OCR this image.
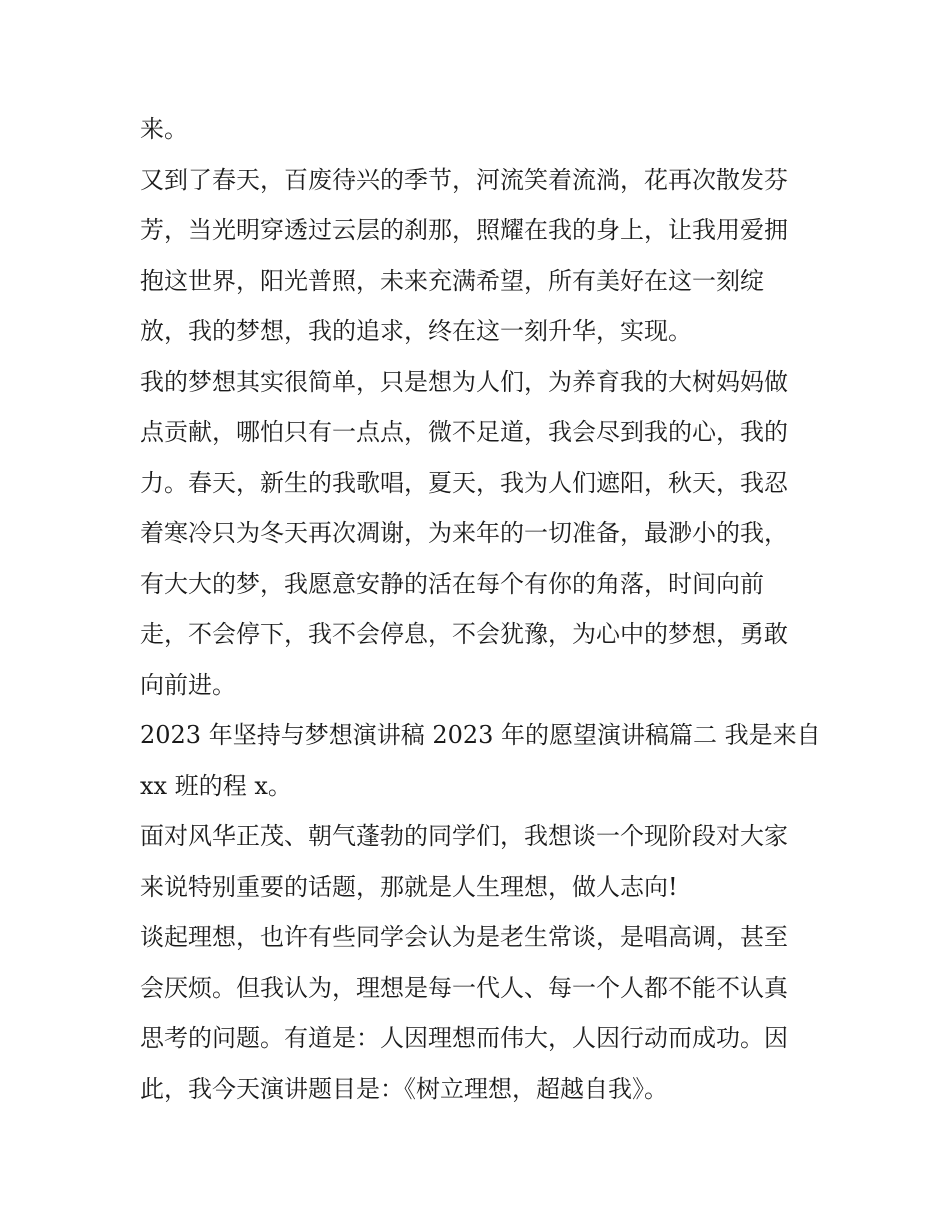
来。
又到了春天，百废待兴的季节，河流笑着流淌，花再次散发芬
芳，当光明穿透过云层的刹那，照耀在我的身上，让我用爱拥
抱这世界，阳光普照，未来充满希望，所有美好在这一刻绽
放，我的梦想，我的追求，终在这一刻升华，实现。
我的梦想其实很简单，只是想为人们，为养育我的大树妈妈做
点贡献，哪怕只有一点点，微不足道，我会尽到我的心，我的
力。春天，新生的我歌唱，夏天，我为人们遮阳，秋天，我忍
着寒冷只为冬天再次凋谢，为来年的一切准备，最渺小的我，
有大大的梦，我愿意安静的活在每个有你的角落，时间向前
走，不会停下，我不会停息，不会犹豫，为心中的梦想，勇敢
向前进。
2023 年坚持与梦想演讲稿 2023 年的愿望演讲稿篇二 我是来自
xx 班的程 x。
面对风华正茂、朝气蓬勃的同学们，我想谈一个现阶段对大家
来说特别重要的话题，那就是人生理想，做人志向!
谈起理想，也许有些同学会认为是老生常谈，是唱高调，甚至
会厌烦。但我认为，理想是每一代人、每一个人都不能不认真
思考的问题。有道是：人因理想而伟大，人因行动而成功。因
此，我今天演讲题目是：《树立理想，超越自我》。
